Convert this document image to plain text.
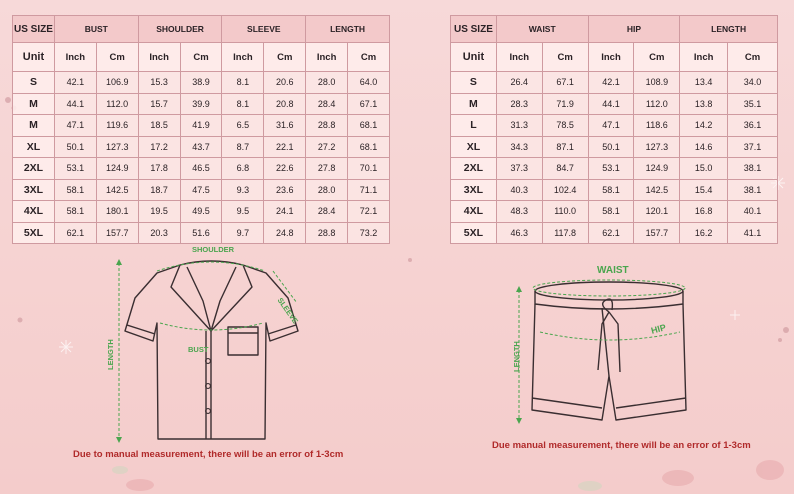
US SIZE	BUST		SHOULDER		SLEEVE		LENGTH	
Unit	Inch	Cm	Inch	Cm	Inch	Cm	Inch	Cm
S	42.1	106.9	15.3	38.9	8.1	20.6	28.0	64.0
M	44.1	112.0	15.7	39.9	8.1	20.8	28.4	67.1
M	47.1	119.6	18.5	41.9	6.5	31.6	28.8	68.1
XL	50.1	127.3	17.2	43.7	8.7	22.1	27.2	68.1
2XL	53.1	124.9	17.8	46.5	6.8	22.6	27.8	70.1
3XL	58.1	142.5	18.7	47.5	9.3	23.6	28.0	71.1
4XL	58.1	180.1	19.5	49.5	9.5	24.1	28.4	72.1
5XL	62.1	157.7	20.3	51.6	9.7	24.8	28.8	73.2
US SIZE	WAIST		HIP		LENGTH	
Unit	Inch	Cm	Inch	Cm	Inch	Cm
S	26.4	67.1	42.1	108.9	13.4	34.0
M	28.3	71.9	44.1	112.0	13.8	35.1
L	31.3	78.5	47.1	118.6	14.2	36.1
XL	34.3	87.1	50.1	127.3	14.6	37.1
2XL	37.3	84.7	53.1	124.9	15.0	38.1
3XL	40.3	102.4	58.1	142.5	15.4	38.1
4XL	48.3	110.0	58.1	120.1	16.8	40.1
5XL	46.3	117.8	62.1	157.7	16.2	41.1
SHOULDER
SLEEVE
BUST
LENGTH
Due to manual measurement, there will be an error of 1-3cm
WAIST
HIP
LENGTH
Due manual measurement, there will be an error of 1-3cm
